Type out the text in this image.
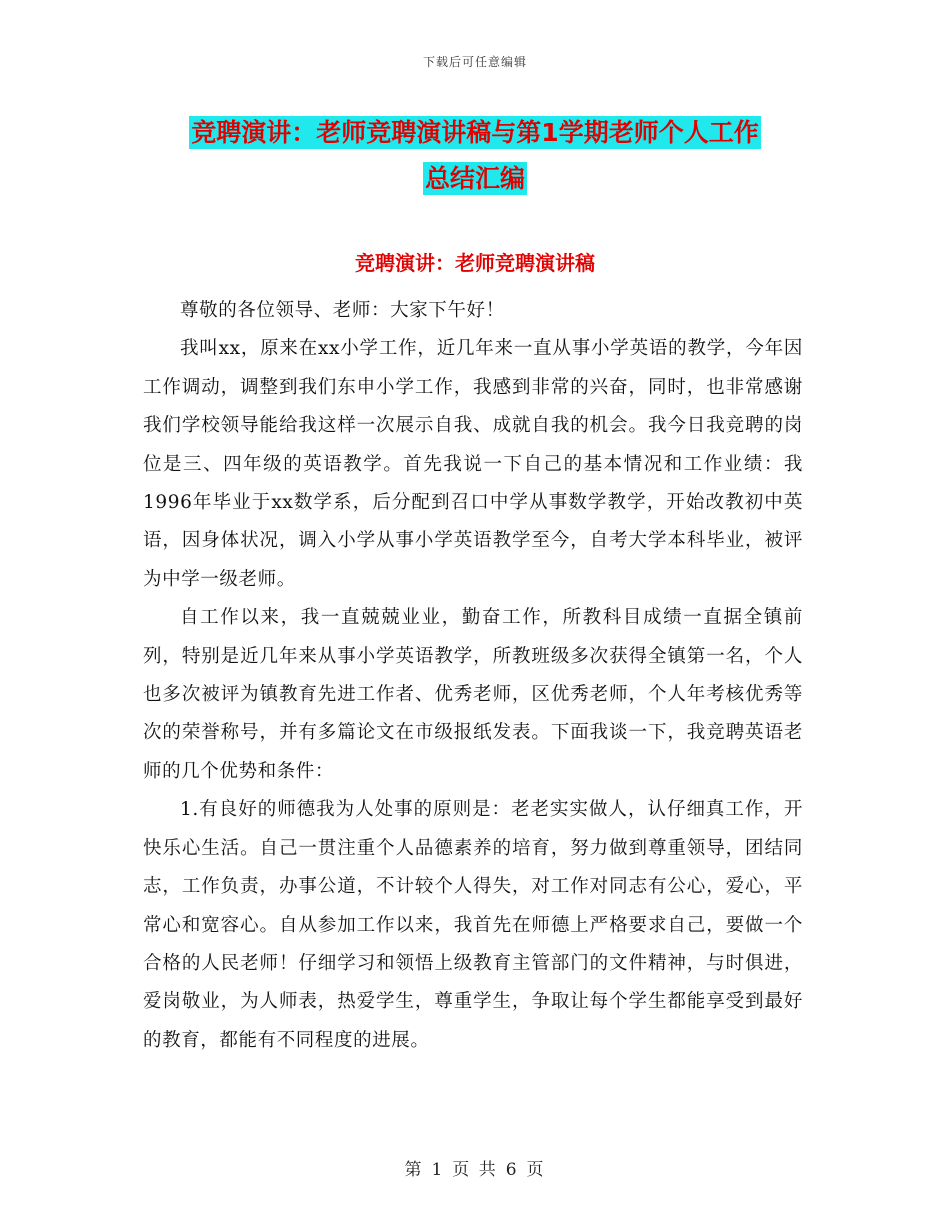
下载后可任意编辑
竞聘演讲：老师竞聘演讲稿与第1学期老师个人工作
总结汇编
竞聘演讲：老师竞聘演讲稿

尊敬的各位领导、老师：大家下午好！

我叫xx，原来在xx小学工作，近几年来一直从事小学英语的教学，今年因工作调动，调整到我们东申小学工作，我感到非常的兴奋，同时，也非常感谢我们学校领导能给我这样一次展示自我、成就自我的机会。我今日我竞聘的岗位是三、四年级的英语教学。首先我说一下自己的基本情况和工作业绩：我1996年毕业于xx数学系，后分配到召口中学从事数学教学，开始改教初中英语，因身体状况，调入小学从事小学英语教学至今，自考大学本科毕业，被评为中学一级老师。

自工作以来，我一直兢兢业业，勤奋工作，所教科目成绩一直据全镇前列，特别是近几年来从事小学英语教学，所教班级多次获得全镇第一名，个人也多次被评为镇教育先进工作者、优秀老师，区优秀老师，个人年考核优秀等次的荣誉称号，并有多篇论文在市级报纸发表。下面我谈一下，我竞聘英语老师的几个优势和条件：

1.有良好的师德我为人处事的原则是：老老实实做人，认仔细真工作，开快乐心生活。自己一贯注重个人品德素养的培育，努力做到尊重领导，团结同志，工作负责，办事公道，不计较个人得失，对工作对同志有公心，爱心，平常心和宽容心。自从参加工作以来，我首先在师德上严格要求自己，要做一个合格的人民老师！仔细学习和领悟上级教育主管部门的文件精神，与时俱进，爱岗敬业，为人师表，热爱学生，尊重学生，争取让每个学生都能享受到最好的教育，都能有不同程度的进展。

第 1 页 共 6 页
